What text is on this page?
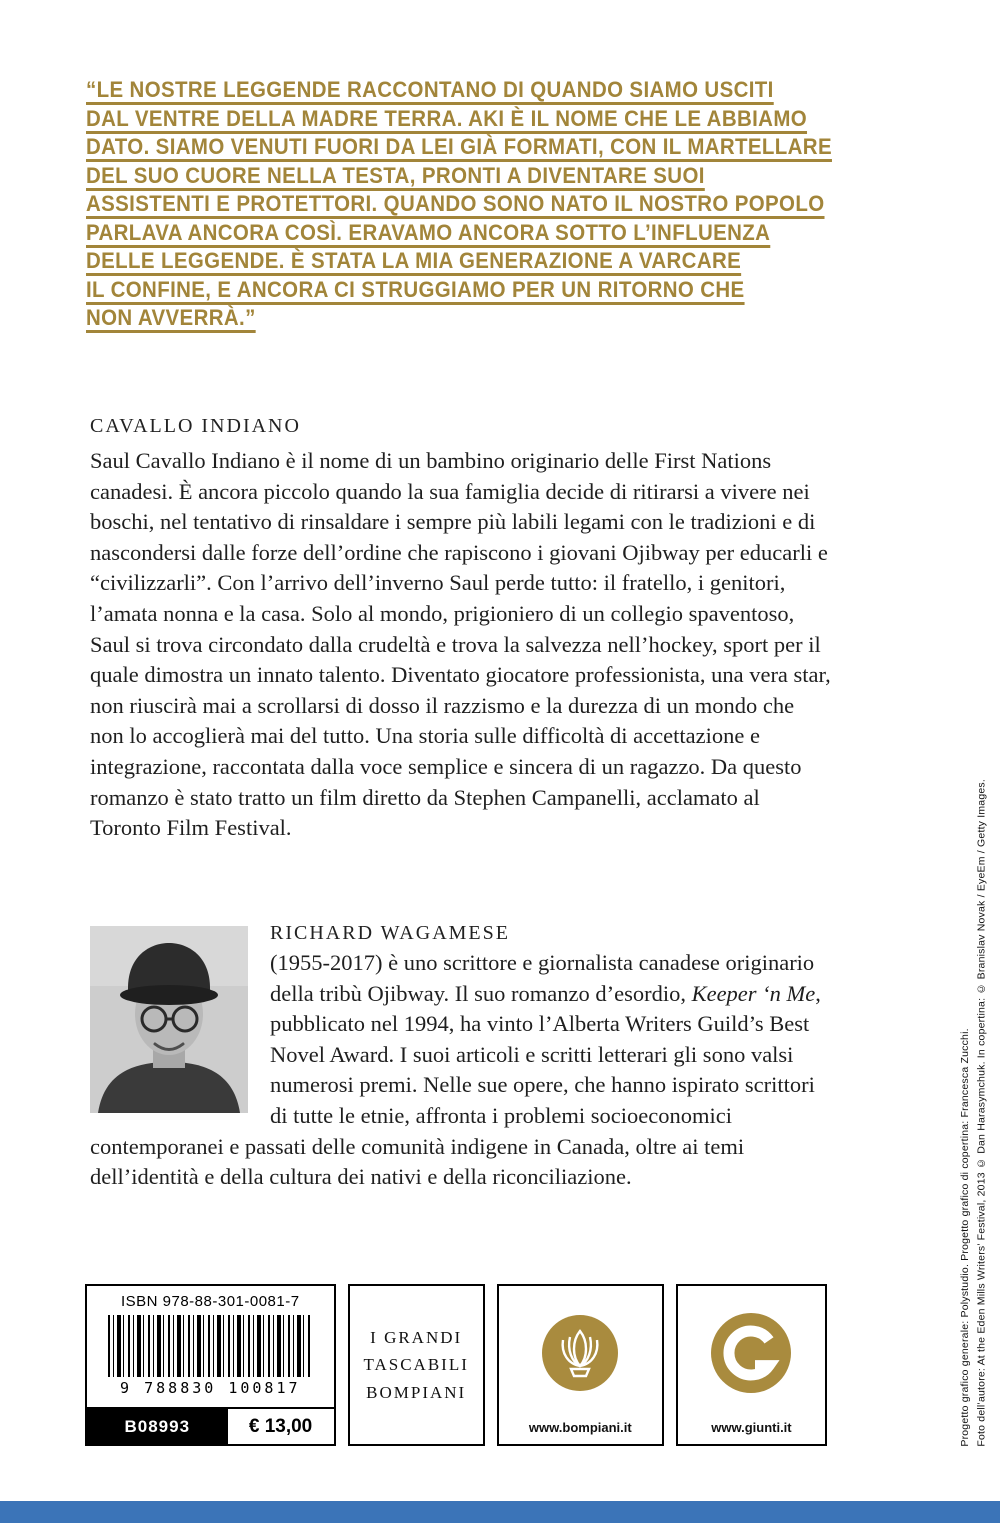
“LE NOSTRE LEGGENDE RACCONTANO DI QUANDO SIAMO USCITI
DAL VENTRE DELLA MADRE TERRA. AKI È IL NOME CHE LE ABBIAMO
DATO. SIAMO VENUTI FUORI DA LEI GIÀ FORMATI, CON IL MARTELLARE
DEL SUO CUORE NELLA TESTA, PRONTI A DIVENTARE SUOI
ASSISTENTI E PROTETTORI. QUANDO SONO NATO IL NOSTRO POPOLO
PARLAVA ANCORA COSÌ. ERAVAMO ANCORA SOTTO L’INFLUENZA
DELLE LEGGENDE. È STATA LA MIA GENERAZIONE A VARCARE
IL CONFINE, E ANCORA CI STRUGGIAMO PER UN RITORNO CHE
NON AVVERRÀ.”
CAVALLO INDIANO

Saul Cavallo Indiano è il nome di un bambino originario delle First Nations canadesi. È ancora piccolo quando la sua famiglia decide di ritirarsi a vivere nei boschi, nel tentativo di rinsaldare i sempre più labili legami con le tradizioni e di nascondersi dalle forze dell’ordine che rapiscono i giovani Ojibway per educarli e “civilizzarli”. Con l’arrivo dell’inverno Saul perde tutto: il fratello, i genitori, l’amata nonna e la casa. Solo al mondo, prigioniero di un collegio spaventoso, Saul si trova circondato dalla crudeltà e trova la salvezza nell’hockey, sport per il quale dimostra un innato talento. Diventato giocatore professionista, una vera star, non riuscirà mai a scrollarsi di dosso il razzismo e la durezza di un mondo che non lo accoglierà mai del tutto. Una storia sulle difficoltà di accettazione e integrazione, raccontata dalla voce semplice e sincera di un ragazzo. Da questo romanzo è stato tratto un film diretto da Stephen Campanelli, acclamato al Toronto Film Festival.

RICHARD WAGAMESE

(1955-2017) è uno scrittore e giornalista canadese originario della tribù Ojibway. Il suo romanzo d’esordio, Keeper ‘n Me, pubblicato nel 1994, ha vinto l’Alberta Writers Guild’s Best Novel Award. I suoi articoli e scritti letterari gli sono valsi numerosi premi. Nelle sue opere, che hanno ispirato scrittori di tutte le etnie, affronta i problemi socioeconomici contemporanei e passati delle comunità indigene in Canada, oltre ai temi dell’identità e della cultura dei nativi e della riconciliazione.

ISBN 978-88-301-0081-7
9 788830 100817
B08993	€ 13,00
I GRANDI
TASCABILI
BOMPIANI
www.bompiani.it	www.giunti.it	Progetto grafico generale: Polystudio. Progetto grafico di copertina: Francesca Zucchi. Foto dell’autore: At the Eden Mills Writers’ Festival, 2013 © Dan Harasymchuk. In copertina: © Branislav Novak / EyeEm / Getty Images.
